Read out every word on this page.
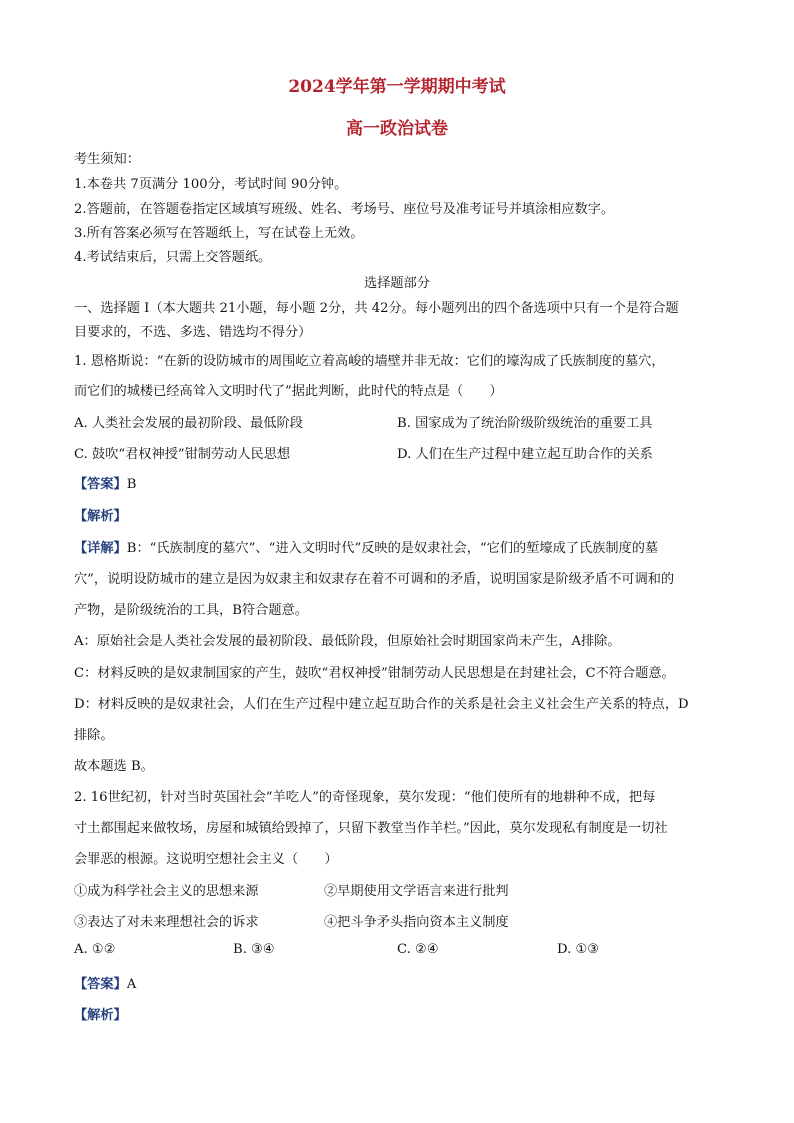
2024学年第一学期期中考试
高一政治试卷
考生须知：
1.本卷共 7页满分 100分，考试时间 90分钟。
2.答题前，在答题卷指定区域填写班级、姓名、考场号、座位号及准考证号并填涂相应数字。
3.所有答案必须写在答题纸上，写在试卷上无效。
4.考试结束后，只需上交答题纸。
选择题部分
一、选择题 I（本大题共 21小题，每小题 2分，共 42分。每小题列出的四个备选项中只有一个是符合题
目要求的，不选、多选、错选均不得分）
1. 恩格斯说：“在新的设防城市的周围屹立着高峻的墙壁并非无故：它们的壕沟成了氏族制度的墓穴，
而它们的城楼已经高耸入文明时代了”据此判断，此时代的特点是（　　）
A. 人类社会发展的最初阶段、最低阶段	B. 国家成为了统治阶级阶级统治的重要工具
C. 鼓吹“君权神授”钳制劳动人民思想	D. 人们在生产过程中建立起互助合作的关系
【答案】B
【解析】
【详解】B：“氏族制度的墓穴”、“进入文明时代”反映的是奴隶社会，“它们的堑壕成了氏族制度的墓
穴”，说明设防城市的建立是因为奴隶主和奴隶存在着不可调和的矛盾，说明国家是阶级矛盾不可调和的
产物，是阶级统治的工具，B符合题意。
A：原始社会是人类社会发展的最初阶段、最低阶段，但原始社会时期国家尚未产生，A排除。
C：材料反映的是奴隶制国家的产生，鼓吹“君权神授”钳制劳动人民思想是在封建社会，C不符合题意。
D：材料反映的是奴隶社会，人们在生产过程中建立起互助合作的关系是社会主义社会生产关系的特点，D
排除。
故本题选 B。
2. 16世纪初，针对当时英国社会“羊吃人”的奇怪现象，莫尔发现：“他们使所有的地耕种不成，把每
寸土都围起来做牧场，房屋和城镇给毁掉了，只留下教堂当作羊栏。”因此，莫尔发现私有制度是一切社
会罪恶的根源。这说明空想社会主义（　　）
①成为科学社会主义的思想来源	②早期使用文学语言来进行批判
③表达了对未来理想社会的诉求	④把斗争矛头指向资本主义制度
A. ①②	B. ③④	C. ②④	D. ①③
【答案】A
【解析】
